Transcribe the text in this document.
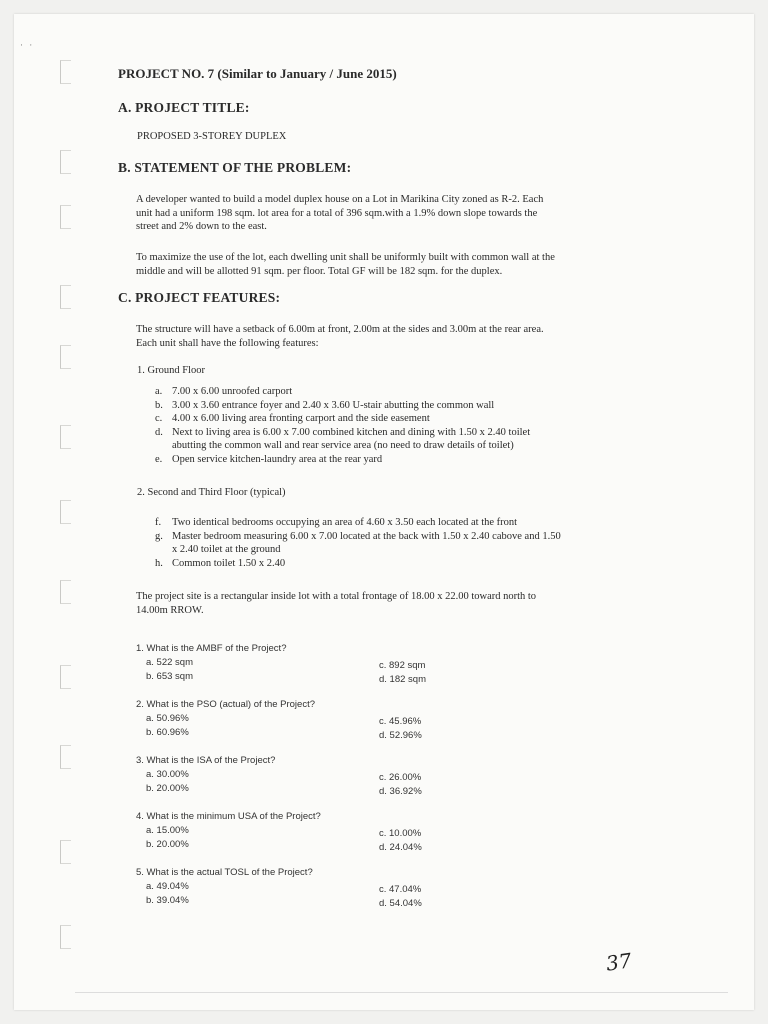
· ·
PROJECT NO. 7 (Similar to January / June 2015)
A. PROJECT TITLE:
PROPOSED 3-STOREY DUPLEX
B. STATEMENT OF THE PROBLEM:
A developer wanted to build a model duplex house on a Lot in Marikina City zoned as R-2. Each
unit had a uniform 198 sqm. lot area for a total of 396 sqm.with a 1.9% down slope towards the
street and 2% down to the east.
To maximize the use of the lot, each dwelling unit shall be uniformly built with common wall at the
middle and will be allotted 91 sqm. per floor. Total GF will be 182 sqm. for the duplex.
C. PROJECT FEATURES:
The structure will have a setback of 6.00m at front, 2.00m at the sides and 3.00m at the rear area.
Each unit shall have the following features:
1. Ground Floor
a. 7.00 x 6.00 unroofed carport
b. 3.00 x 3.60 entrance foyer and 2.40 x 3.60 U-stair abutting the common wall
c. 4.00 x 6.00 living area fronting carport and the side easement
d. Next to living area is 6.00 x 7.00 combined kitchen and dining with 1.50 x 2.40 toilet
abutting the common wall and rear service area (no need to draw details of toilet)
e. Open service kitchen-laundry area at the rear yard
2. Second and Third Floor (typical)
f.	Two identical bedrooms occupying an area of 4.60 x 3.50 each located at the front
g. Master bedroom measuring 6.00 x 7.00 located at the back with 1.50 x 2.40 cabove and 1.50
x 2.40 toilet at the ground
h. Common toilet 1.50 x 2.40
The project site is a rectangular inside lot with a total frontage of 18.00 x 22.00 toward north to
14.00m RROW.
1. What is the AMBF of the Project?
a. 522 sqm
b. 653 sqm
c. 892 sqm
d. 182 sqm
2. What is the PSO (actual) of the Project?
a. 50.96%
b. 60.96%
c. 45.96%
d. 52.96%
3. What is the ISA of the Project?
a. 30.00%
b. 20.00%
c. 26.00%
d. 36.92%
4. What is the minimum USA of the Project?
a. 15.00%
b. 20.00%
c. 10.00%
d. 24.04%
5. What is the actual TOSL of the Project?
a. 49.04%
b. 39.04%
c. 47.04%
d. 54.04%
37
